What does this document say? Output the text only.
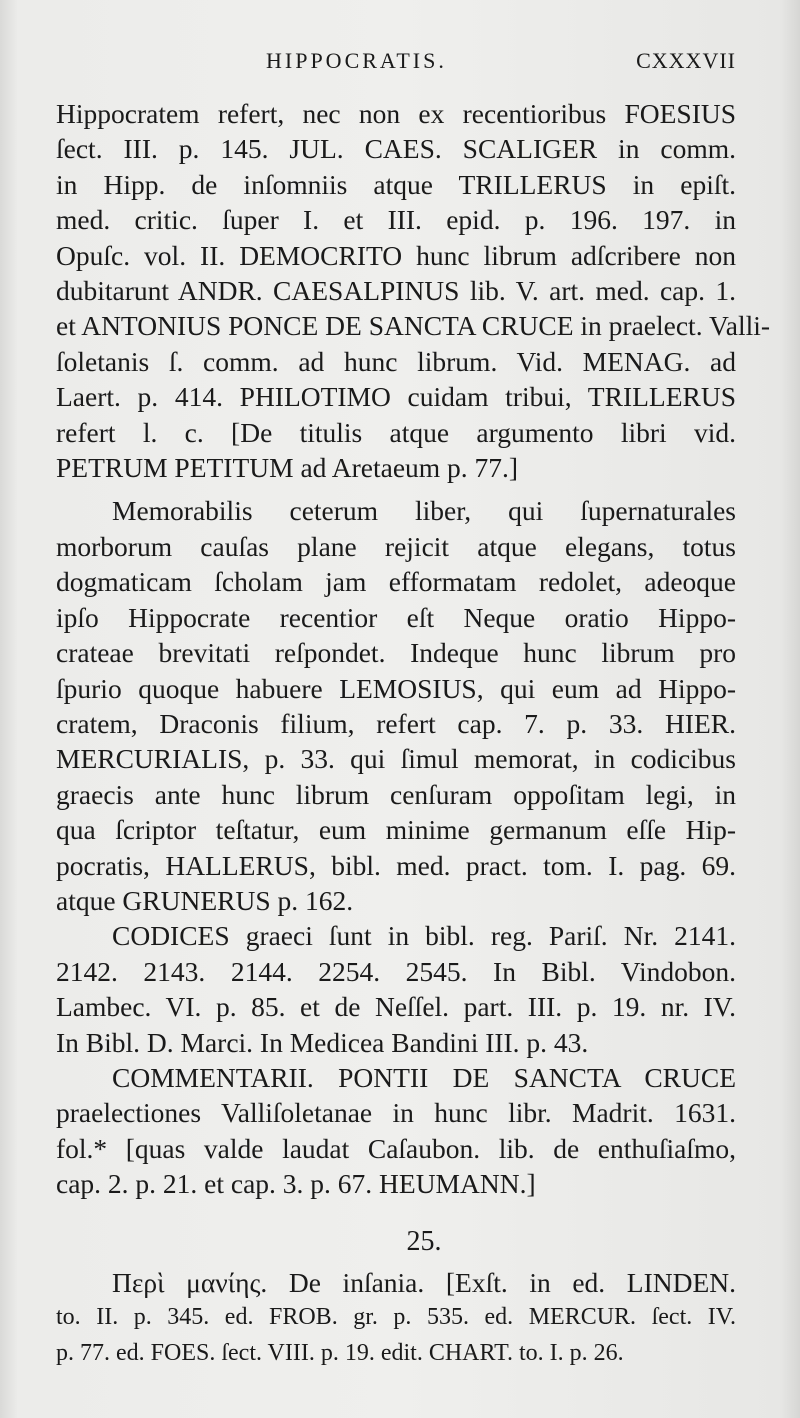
HIPPOCRATIS.	CXXXVII
Hippocratem refert, nec non ex recentioribus FOESIUS
ſect. III. p. 145. JUL. CAES. SCALIGER in comm.
in Hipp. de inſomniis atque TRILLERUS in epiſt.
med. critic. ſuper I. et III. epid. p. 196. 197. in
Opuſc. vol. II. DEMOCRITO hunc librum adſcribere non
dubitarunt ANDR. CAESALPINUS lib. V. art. med. cap. 1.
et ANTONIUS PONCE DE SANCTA CRUCE in praelect. Valli-
ſoletanis ſ. comm. ad hunc librum. Vid. MENAG. ad
Laert. p. 414. PHILOTIMO cuidam tribui, TRILLERUS
refert l. c. [De titulis atque argumento libri vid.
PETRUM PETITUM ad Aretaeum p. 77.]
Memorabilis ceterum liber, qui ſupernaturales
morborum cauſas plane rejicit atque elegans, totus
dogmaticam ſcholam jam efformatam redolet, adeoque
ipſo Hippocrate recentior eſt Neque oratio Hippo-
crateae brevitati reſpondet. Indeque hunc librum pro
ſpurio quoque habuere LEMOSIUS, qui eum ad Hippo-
cratem, Draconis filium, refert cap. 7. p. 33. HIER.
MERCURIALIS, p. 33. qui ſimul memorat, in codicibus
graecis ante hunc librum cenſuram oppoſitam legi, in
qua ſcriptor teſtatur, eum minime germanum eſſe Hip-
pocratis, HALLERUS, bibl. med. pract. tom. I. pag. 69.
atque GRUNERUS p. 162.
CODICES graeci ſunt in bibl. reg. Pariſ. Nr. 2141.
2142. 2143. 2144. 2254. 2545. In Bibl. Vindobon.
Lambec. VI. p. 85. et de Neſſel. part. III. p. 19. nr. IV.
In Bibl. D. Marci. In Medicea Bandini III. p. 43.
COMMENTARII. PONTII DE SANCTA CRUCE
praelectiones Valliſoletanae in hunc libr. Madrit. 1631.
fol.* [quas valde laudat Caſaubon. lib. de enthuſiaſmo,
cap. 2. p. 21. et cap. 3. p. 67. HEUMANN.]
25.
Περὶ μανίης. De inſania. [Exſt. in ed. LINDEN.
to. II. p. 345. ed. FROB. gr. p. 535. ed. MERCUR. ſect. IV.
p. 77. ed. FOES. ſect. VIII. p. 19. edit. CHART. to. I. p. 26.
